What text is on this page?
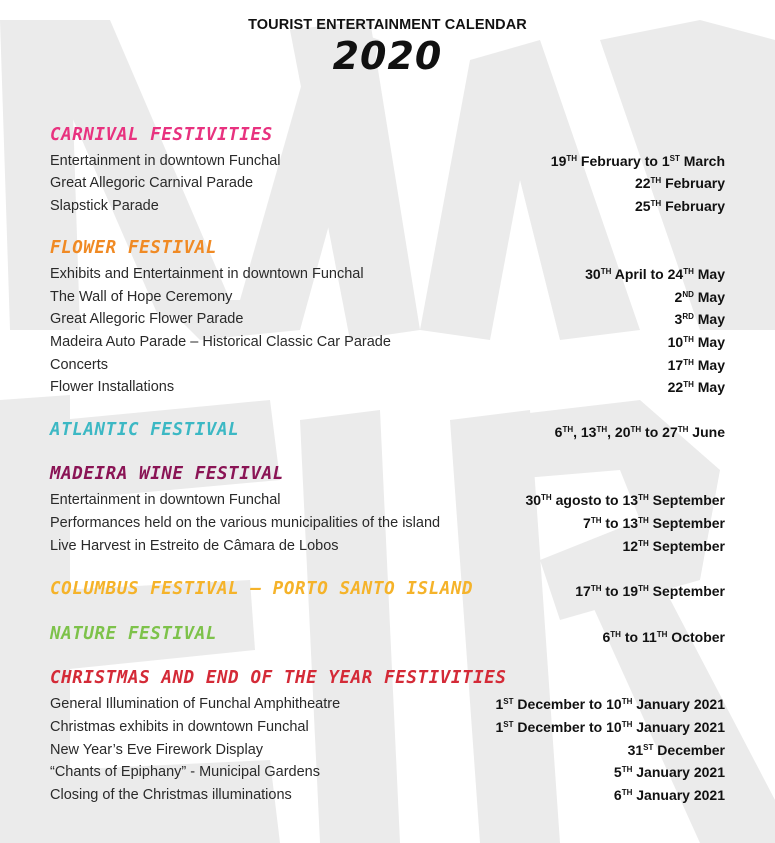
TOURIST ENTERTAINMENT CALENDAR
2020
CARNIVAL FESTIVITIES
Entertainment in downtown Funchal	19TH February to 1ST March
Great Allegoric Carnival Parade	22TH February
Slapstick Parade	25TH February
FLOWER FESTIVAL
Exhibits and Entertainment in downtown Funchal	30TH April to 24TH May
The Wall of Hope Ceremony	2ND May
Great Allegoric Flower Parade	3RD May
Madeira Auto Parade – Historical Classic Car Parade	10TH May
Concerts	17TH May
Flower Installations	22TH May
ATLANTIC FESTIVAL	6TH, 13TH, 20TH to 27TH June
MADEIRA WINE FESTIVAL
Entertainment in downtown Funchal	30TH agosto to 13TH September
Performances held on the various municipalities of the island	7TH to 13TH September
Live Harvest in Estreito de Câmara de Lobos	12TH September
COLUMBUS FESTIVAL – PORTO SANTO ISLAND	17TH to 19TH September
NATURE FESTIVAL	6TH to 11TH October
CHRISTMAS AND END OF THE YEAR FESTIVITIES
General Illumination of Funchal Amphitheatre	1ST December to 10TH January 2021
Christmas exhibits in downtown Funchal	1ST December to 10TH January 2021
New Year’s Eve Firework Display	31ST December
“Chants of Epiphany” - Municipal Gardens	5TH January 2021
Closing of the Christmas illuminations	6TH January 2021
